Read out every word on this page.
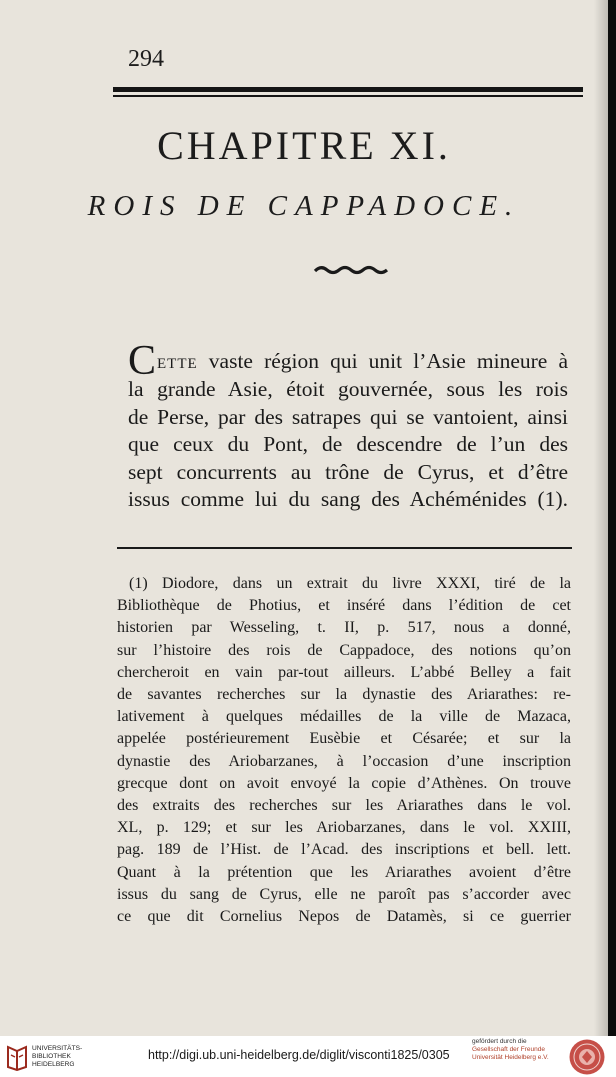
294
CHAPITRE XI.
ROIS DE CAPPADOCE.
Cette vaste région qui unit l’Asie mineure à
la grande Asie, étoit gouvernée, sous les rois
de Perse, par des satrapes qui se vantoient, ainsi
que ceux du Pont, de descendre de l’un des
sept concurrents au trône de Cyrus, et d’être
issus comme lui du sang des Achéménides (1).
(1) Diodore, dans un extrait du livre XXXI, tiré de la
Bibliothèque de Photius, et inséré dans l’édition de cet
historien par Wesseling, t. II, p. 517, nous a donné,
sur l’histoire des rois de Cappadoce, des notions qu’on
chercheroit en vain par-tout ailleurs. L’abbé Belley a fait
de savantes recherches sur la dynastie des Ariarathes: re-
lativement à quelques médailles de la ville de Mazaca,
appelée postérieurement Eusèbie et Césarée; et sur la
dynastie des Ariobarzanes, à l’occasion d’une inscription
grecque dont on avoit envoyé la copie d’Athènes. On trouve
des extraits des recherches sur les Ariarathes dans le vol.
XL, p. 129; et sur les Ariobarzanes, dans le vol. XXIII,
pag. 189 de l’Hist. de l’Acad. des inscriptions et bell. lett.
Quant à la prétention que les Ariarathes avoient d’être
issus du sang de Cyrus, elle ne paroît pas s’accorder avec
ce que dit Cornelius Nepos de Datamès, si ce guerrier
UNIVERSITÄTS-
BIBLIOTHEK
HEIDELBERG
http://digi.ub.uni-heidelberg.de/diglit/visconti1825/0305
gefördert durch die
Gesellschaft der Freunde
Universität Heidelberg e.V.
